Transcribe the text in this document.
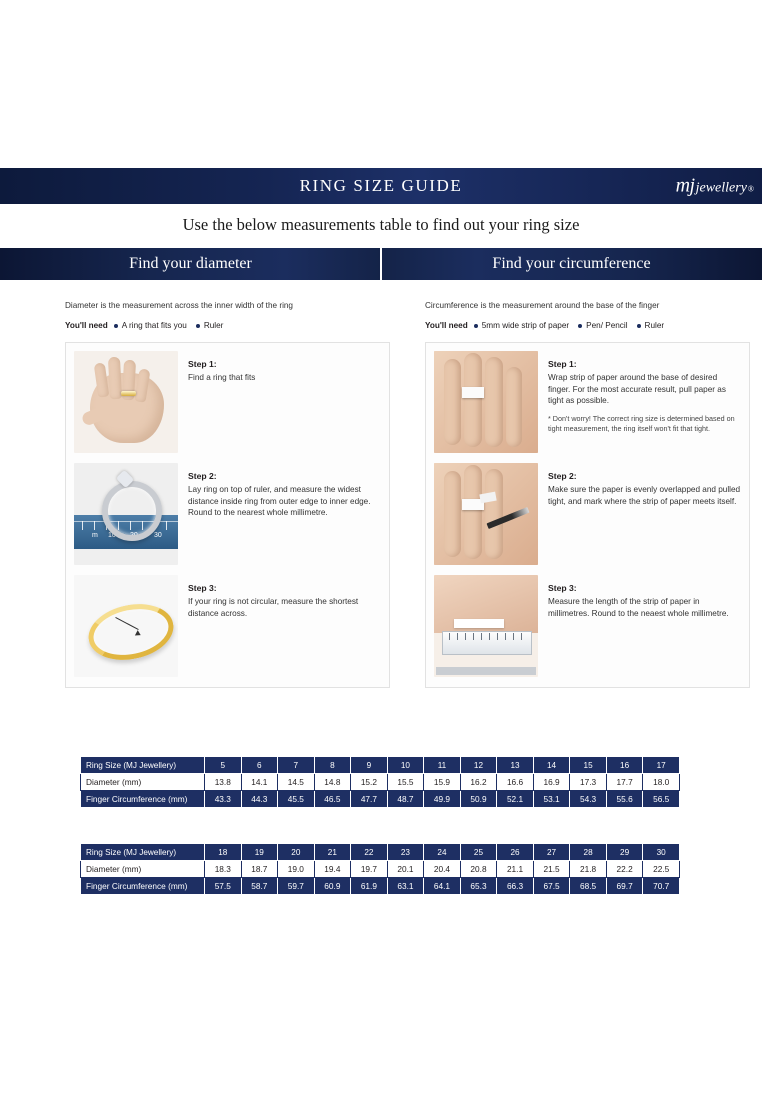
RING SIZE GUIDE	mj jewellery ®
Use the below measurements table to find out your ring size
Find your diameter	Find your circumference

Diameter is the measurement across the inner width of the ring

You'll need	A ring that fits you	Ruler

Step 1:

Find a ring that fits

m 10 20 30

Step 2:

Lay ring on top of ruler, and measure the widest distance inside ring from outer edge to inner edge. Round to the nearest whole millimetre.

Step 3:

If your ring is not circular, measure the shortest distance across.

Circumference is the measurement around the base of the finger

You'll need	5mm wide strip of paper	Pen/ Pencil	Ruler

Step 1:

Wrap strip of paper around the base of desired finger. For the most accurate result, pull paper as tight as possible.

* Don't worry! The correct ring size is determined based on tight measurement, the ring itself won't fit that tight.

Step 2:

Make sure the paper is evenly overlapped and pulled tight, and mark where the strip of paper meets itself.

Step 3:

Measure the length of the strip of paper in millimetres. Round to the neaest whole millimetre.

Ring Size (MJ Jewellery)	5	6	7	8	9	10	11	12	13	14	15	16	17
Diameter (mm)	13.8	14.1	14.5	14.8	15.2	15.5	15.9	16.2	16.6	16.9	17.3	17.7	18.0
Finger Circumference (mm)	43.3	44.3	45.5	46.5	47.7	48.7	49.9	50.9	52.1	53.1	54.3	55.6	56.5
Ring Size (MJ Jewellery)	18	19	20	21	22	23	24	25	26	27	28	29	30
Diameter (mm)	18.3	18.7	19.0	19.4	19.7	20.1	20.4	20.8	21.1	21.5	21.8	22.2	22.5
Finger Circumference (mm)	57.5	58.7	59.7	60.9	61.9	63.1	64.1	65.3	66.3	67.5	68.5	69.7	70.7
